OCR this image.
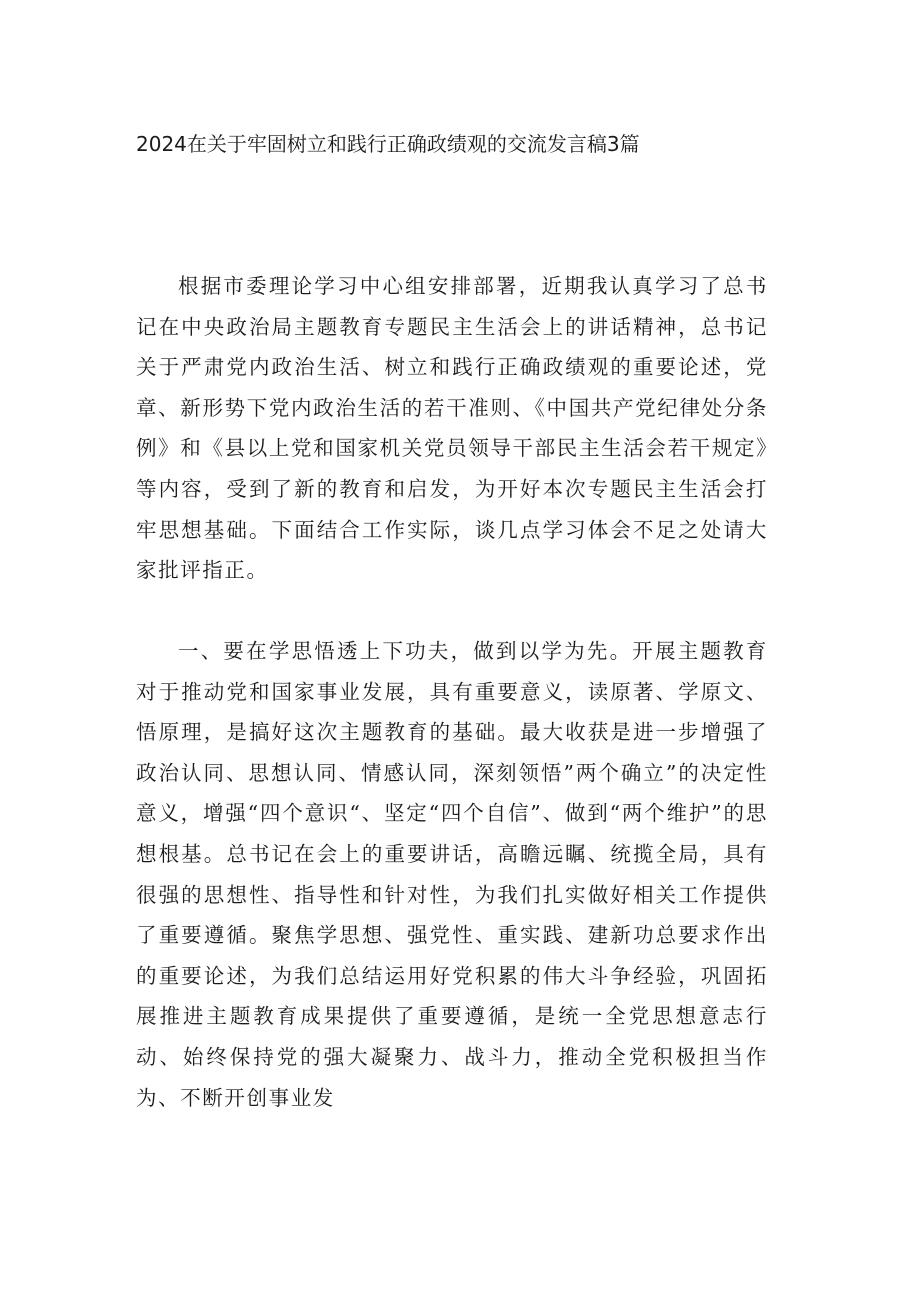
2024在关于牢固树立和践行正确政绩观的交流发言稿3篇

根据市委理论学习中心组安排部署，近期我认真学习了总书记在中央政治局主题教育专题民主生活会上的讲话精神，总书记关于严肃党内政治生活、树立和践行正确政绩观的重要论述，党章、新形势下党内政治生活的若干准则、《中国共产党纪律处分条例》和《县以上党和国家机关党员领导干部民主生活会若干规定》等内容，受到了新的教育和启发，为开好本次专题民主生活会打牢思想基础。下面结合工作实际，谈几点学习体会不足之处请大家批评指正。

一、要在学思悟透上下功夫，做到以学为先。开展主题教育对于推动党和国家事业发展，具有重要意义，读原著、学原文、悟原理，是搞好这次主题教育的基础。最大收获是进一步增强了政治认同、思想认同、情感认同，深刻领悟”两个确立”的决定性意义，增强“四个意识“、坚定“四个自信”、做到“两个维护”的思想根基。总书记在会上的重要讲话，高瞻远瞩、统揽全局，具有很强的思想性、指导性和针对性，为我们扎实做好相关工作提供了重要遵循。聚焦学思想、强党性、重实践、建新功总要求作出的重要论述，为我们总结运用好党积累的伟大斗争经验，巩固拓展推进主题教育成果提供了重要遵循，是统一全党思想意志行动、始终保持党的强大凝聚力、战斗力，推动全党积极担当作为、不断开创事业发
